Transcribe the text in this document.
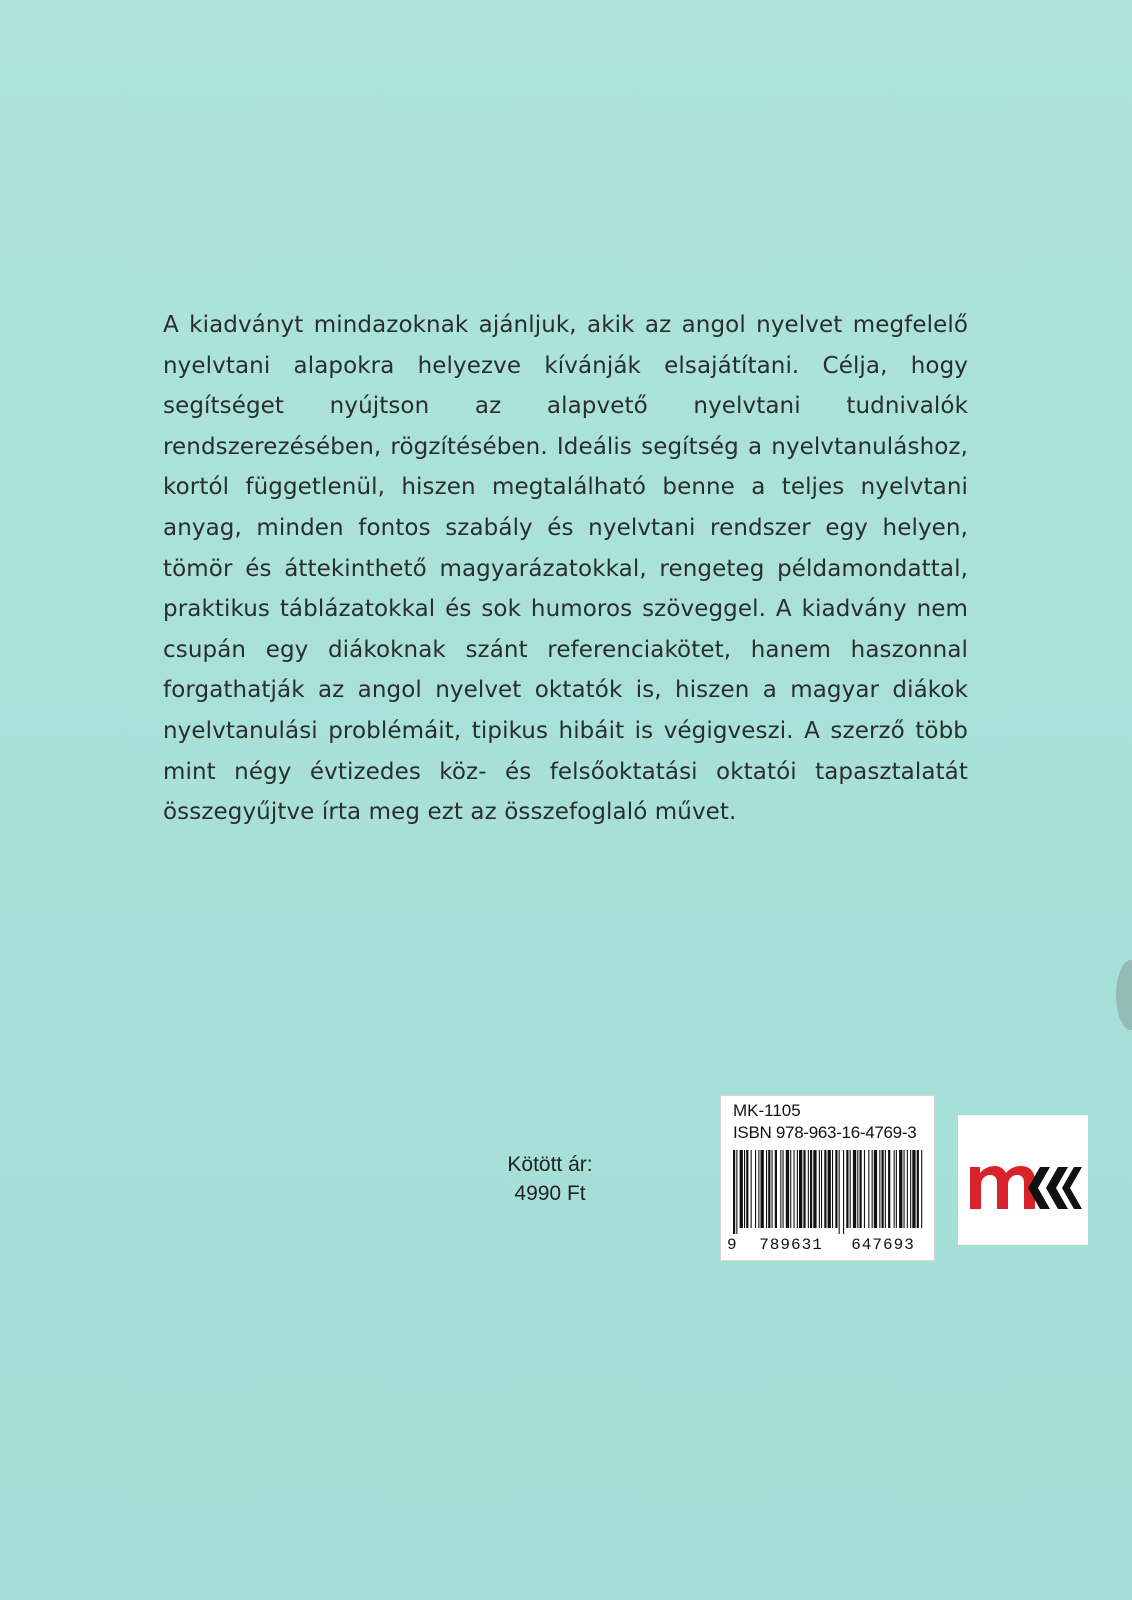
A kiadványt mindazoknak ajánljuk, akik az angol nyelvet megfelelő nyelvtani alapokra helyezve kívánják elsajátítani. Célja, hogy segítséget nyújtson az alapvető nyelvtani tudnivalók rendszerezésében, rögzítésében. Ideális segítség a nyelvtanuláshoz, kortól függetlenül, hiszen megtalálható benne a teljes nyelvtani anyag, minden fontos szabály és nyelvtani rendszer egy helyen, tömör és áttekinthető magyarázatokkal, rengeteg példamondattal, praktikus táblázatokkal és sok humoros szöveggel. A kiadvány nem csupán egy diákoknak szánt referenciakötet, hanem haszonnal forgathatják az angol nyelvet oktatók is, hiszen a magyar diákok nyelvtanulási problémáit, tipikus hibáit is végigveszi. A szerző több mint négy évtizedes köz- és felsőoktatási oktatói tapasztalatát összegyűjtve írta meg ezt az összefoglaló művet.
Kötött ár:
4990 Ft
MK-1105
ISBN 978-963-16-4769-3
9 789631 647693
